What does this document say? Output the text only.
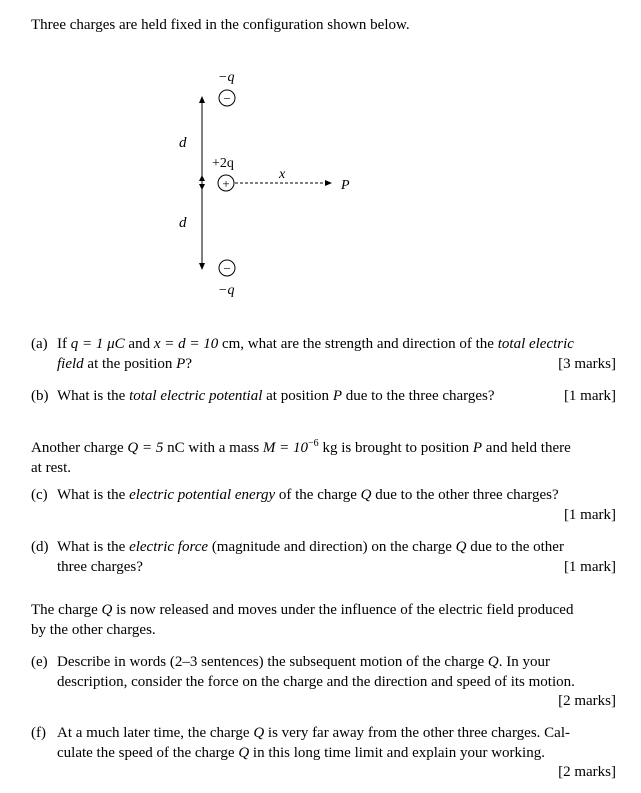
Three charges are held fixed in the configuration shown below.
d
d
−q
−
+2q
+
x
P
−
−q
(a) If q = 1 μC and x = d = 10 cm, what are the strength and direction of the total electric
field at the position P?	[3 marks]
(b)	[1 mark]
What is the total electric potential at position P due to the three charges?
Another charge Q = 5 nC with a mass $M = 10^{-6}$ kg is brought to position P and held there
at rest.
(c) What is the electric potential energy of the charge Q due to the other three charges?
[1 mark]
(d) What is the electric force (magnitude and direction) on the charge Q due to the other
three charges?	[1 mark]
The charge Q is now released and moves under the influence of the electric field produced
by the other charges.
(e) Describe in words (2–3 sentences) the subsequent motion of the charge Q. In your
description, consider the force on the charge and the direction and speed of its motion.
[2 marks]
(f) At a much later time, the charge Q is very far away from the other three charges. Cal-
culate the speed of the charge Q in this long time limit and explain your working.
[2 marks]
